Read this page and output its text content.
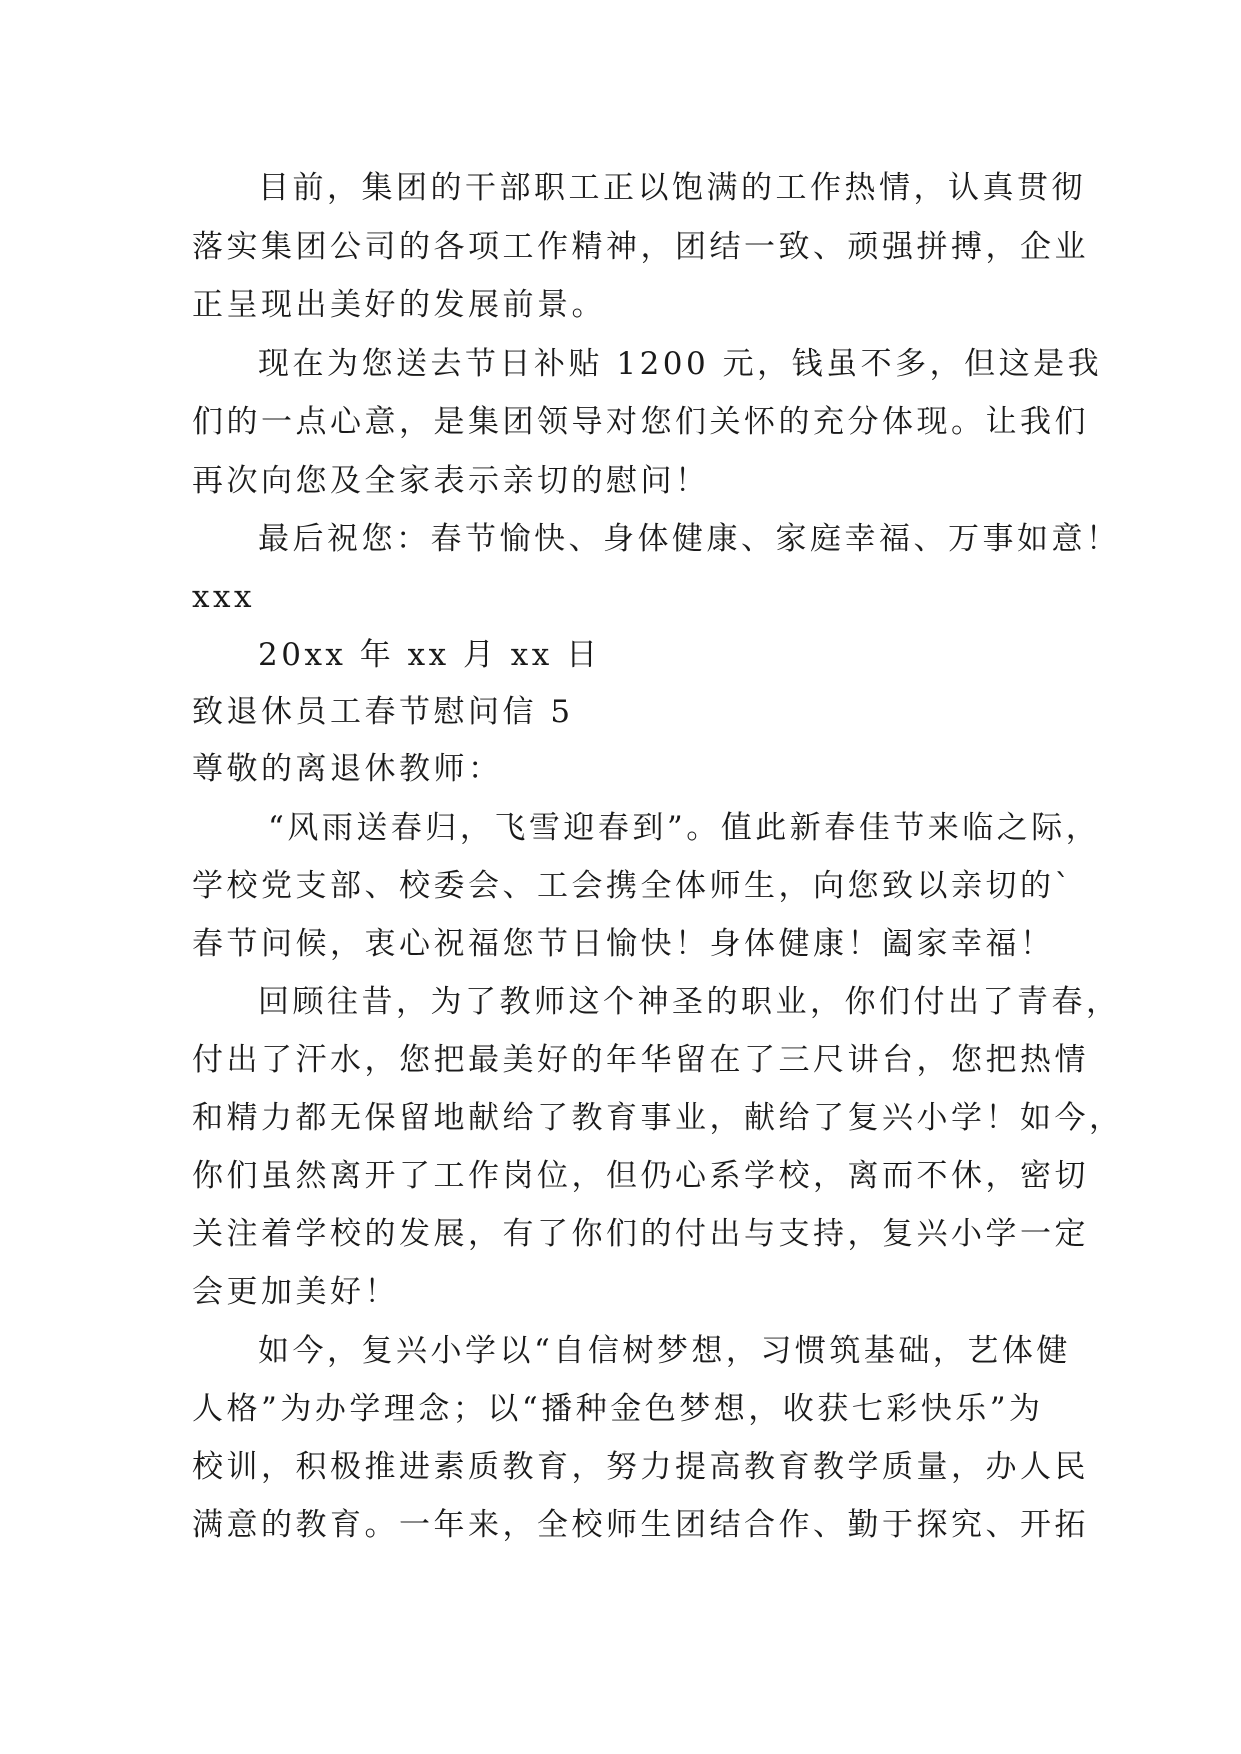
目前，集团的干部职工正以饱满的工作热情，认真贯彻
落实集团公司的各项工作精神，团结一致、顽强拼搏，企业
正呈现出美好的发展前景。
现在为您送去节日补贴 1200 元，钱虽不多，但这是我
们的一点心意，是集团领导对您们关怀的充分体现。让我们
再次向您及全家表示亲切的慰问！
最后祝您：春节愉快、身体健康、家庭幸福、万事如意！
xxx
20xx 年 xx 月 xx 日
致退休员工春节慰问信 5
尊敬的离退休教师：
“风雨送春归，飞雪迎春到”。值此新春佳节来临之际，
学校党支部、校委会、工会携全体师生，向您致以亲切的`
春节问候，衷心祝福您节日愉快！身体健康！阖家幸福！
回顾往昔，为了教师这个神圣的职业，你们付出了青春，
付出了汗水，您把最美好的年华留在了三尺讲台，您把热情
和精力都无保留地献给了教育事业，献给了复兴小学！如今，
你们虽然离开了工作岗位，但仍心系学校，离而不休，密切
关注着学校的发展，有了你们的付出与支持，复兴小学一定
会更加美好！
如今，复兴小学以“自信树梦想，习惯筑基础，艺体健
人格”为办学理念；以“播种金色梦想，收获七彩快乐”为
校训，积极推进素质教育，努力提高教育教学质量，办人民
满意的教育。一年来，全校师生团结合作、勤于探究、开拓
